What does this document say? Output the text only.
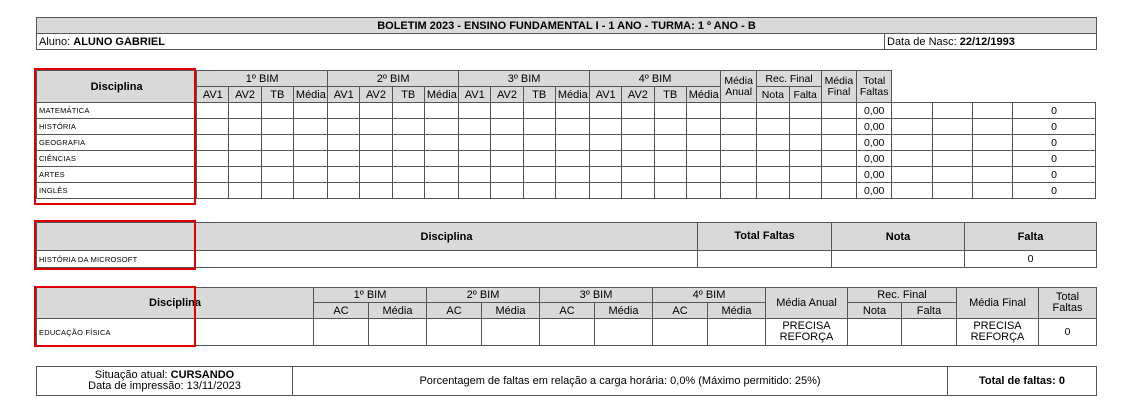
BOLETIM 2023 - ENSINO FUNDAMENTAL I - 1 ANO - TURMA: 1 º ANO - B
Aluno: ALUNO GABRIEL	Data de Nasc: 22/12/1993
Disciplina	1º BIM				2º BIM				3º BIM				4º BIM				Média Anual	Rec. Final		Média Final	Total Faltas				
	AV1	AV2	TB	Média	AV1	AV2	TB	Média	AV1	AV2	TB	Média	AV1	AV2	TB	Média		Nota	Falta						
MATEMÁTICA																					0,00				0
HISTÓRIA																					0,00				0
GEOGRAFIA																					0,00				0
CIÊNCIAS																					0,00				0
ARTES																					0,00				0
INGLÊS																					0,00				0
	Disciplina	Total Faltas	Nota	Falta
HISTÓRIA DA MICROSOFT				0
Disciplina	1º BIM		2º BIM		3º BIM		4º BIM		Média Anual	Rec. Final		Média Final	Total Faltas
	AC	Média	AC	Média	AC	Média	AC	Média		Nota	Falta		
EDUCAÇÃO FÍSICA									PRECISA REFORÇA			PRECISA REFORÇA	0
Situação atual: CURSANDO
Data de impressão: 13/11/2023	Porcentagem de faltas em relação a carga horária: 0,0% (Máximo permitido: 25%)	Total de faltas: 0
